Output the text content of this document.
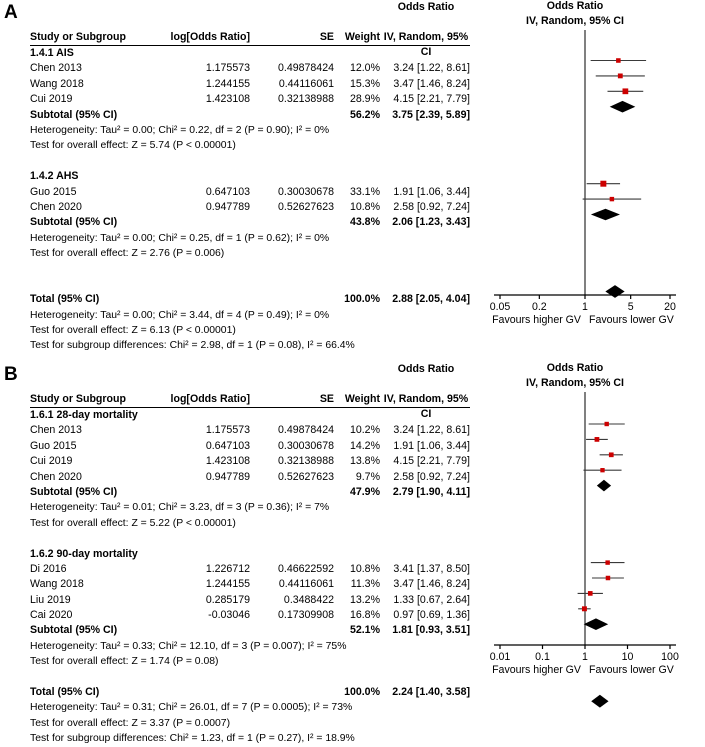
A	Odds Ratio
Study or Subgroup	log[Odds Ratio]	SE	Weight IV, Random, 95% CI
1.4.1 AIS
Chen 2013	1.175573	0.49878424	12.0%	3.24 [1.22, 8.61]
Wang 2018	1.244155	0.44116061	15.3%	3.47 [1.46, 8.24]
Cui 2019	1.423108	0.32138988	28.9%	4.15 [2.21, 7.79]
Subtotal (95% CI)	56.2%	3.75 [2.39, 5.89]
Heterogeneity: Tau² = 0.00; Chi² = 0.22, df = 2 (P = 0.90); I² = 0%
Test for overall effect: Z = 5.74 (P < 0.00001)
1.4.2 AHS
Guo 2015	0.647103	0.30030678	33.1%	1.91 [1.06, 3.44]
Chen 2020	0.947789	0.52627623	10.8%	2.58 [0.92, 7.24]
Subtotal (95% CI)	43.8%	2.06 [1.23, 3.43]
Heterogeneity: Tau² = 0.00; Chi² = 0.25, df = 1 (P = 0.62); I² = 0%
Test for overall effect: Z = 2.76 (P = 0.006)
Total (95% CI)	100.0%	2.88 [2.05, 4.04]
Heterogeneity: Tau² = 0.00; Chi² = 3.44, df = 4 (P = 0.49); I² = 0%
Test for overall effect: Z = 6.13 (P < 0.00001)
Test for subgroup differences: Chi² = 2.98, df = 1 (P = 0.08), I² = 66.4%
Odds Ratio
IV, Random, 95% CI
0.05 0.2	1	5	20
Favours higher GV Favours lower GV
B	Odds Ratio
Study or Subgroup	log[Odds Ratio]	SE	Weight IV, Random, 95% CI
1.6.1 28-day mortality
Chen 2013	1.175573	0.49878424	10.2%	3.24 [1.22, 8.61]
Guo 2015	0.647103	0.30030678	14.2%	1.91 [1.06, 3.44]
Cui 2019	1.423108	0.32138988	13.8%	4.15 [2.21, 7.79]
Chen 2020	0.947789	0.52627623	9.7%	2.58 [0.92, 7.24]
Subtotal (95% CI)	47.9%	2.79 [1.90, 4.11]
Heterogeneity: Tau² = 0.01; Chi² = 3.23, df = 3 (P = 0.36); I² = 7%
Test for overall effect: Z = 5.22 (P < 0.00001)
1.6.2 90-day mortality
Di 2016	1.226712	0.46622592	10.8%	3.41 [1.37, 8.50]
Wang 2018	1.244155	0.44116061	11.3%	3.47 [1.46, 8.24]
Liu 2019	0.285179	0.3488422	13.2%	1.33 [0.67, 2.64]
Cai 2020	-0.03046	0.17309908	16.8%	0.97 [0.69, 1.36]
Subtotal (95% CI)	52.1%	1.81 [0.93, 3.51]
Heterogeneity: Tau² = 0.33; Chi² = 12.10, df = 3 (P = 0.007); I² = 75%
Test for overall effect: Z = 1.74 (P = 0.08)
Total (95% CI)	100.0%	2.24 [1.40, 3.58]
Heterogeneity: Tau² = 0.31; Chi² = 26.01, df = 7 (P = 0.0005); I² = 73%
Test for overall effect: Z = 3.37 (P = 0.0007)
Test for subgroup differences: Chi² = 1.23, df = 1 (P = 0.27), I² = 18.9%
Odds Ratio
IV, Random, 95% CI
0.01 0.1	1	10	100
Favours higher GV Favours lower GV
